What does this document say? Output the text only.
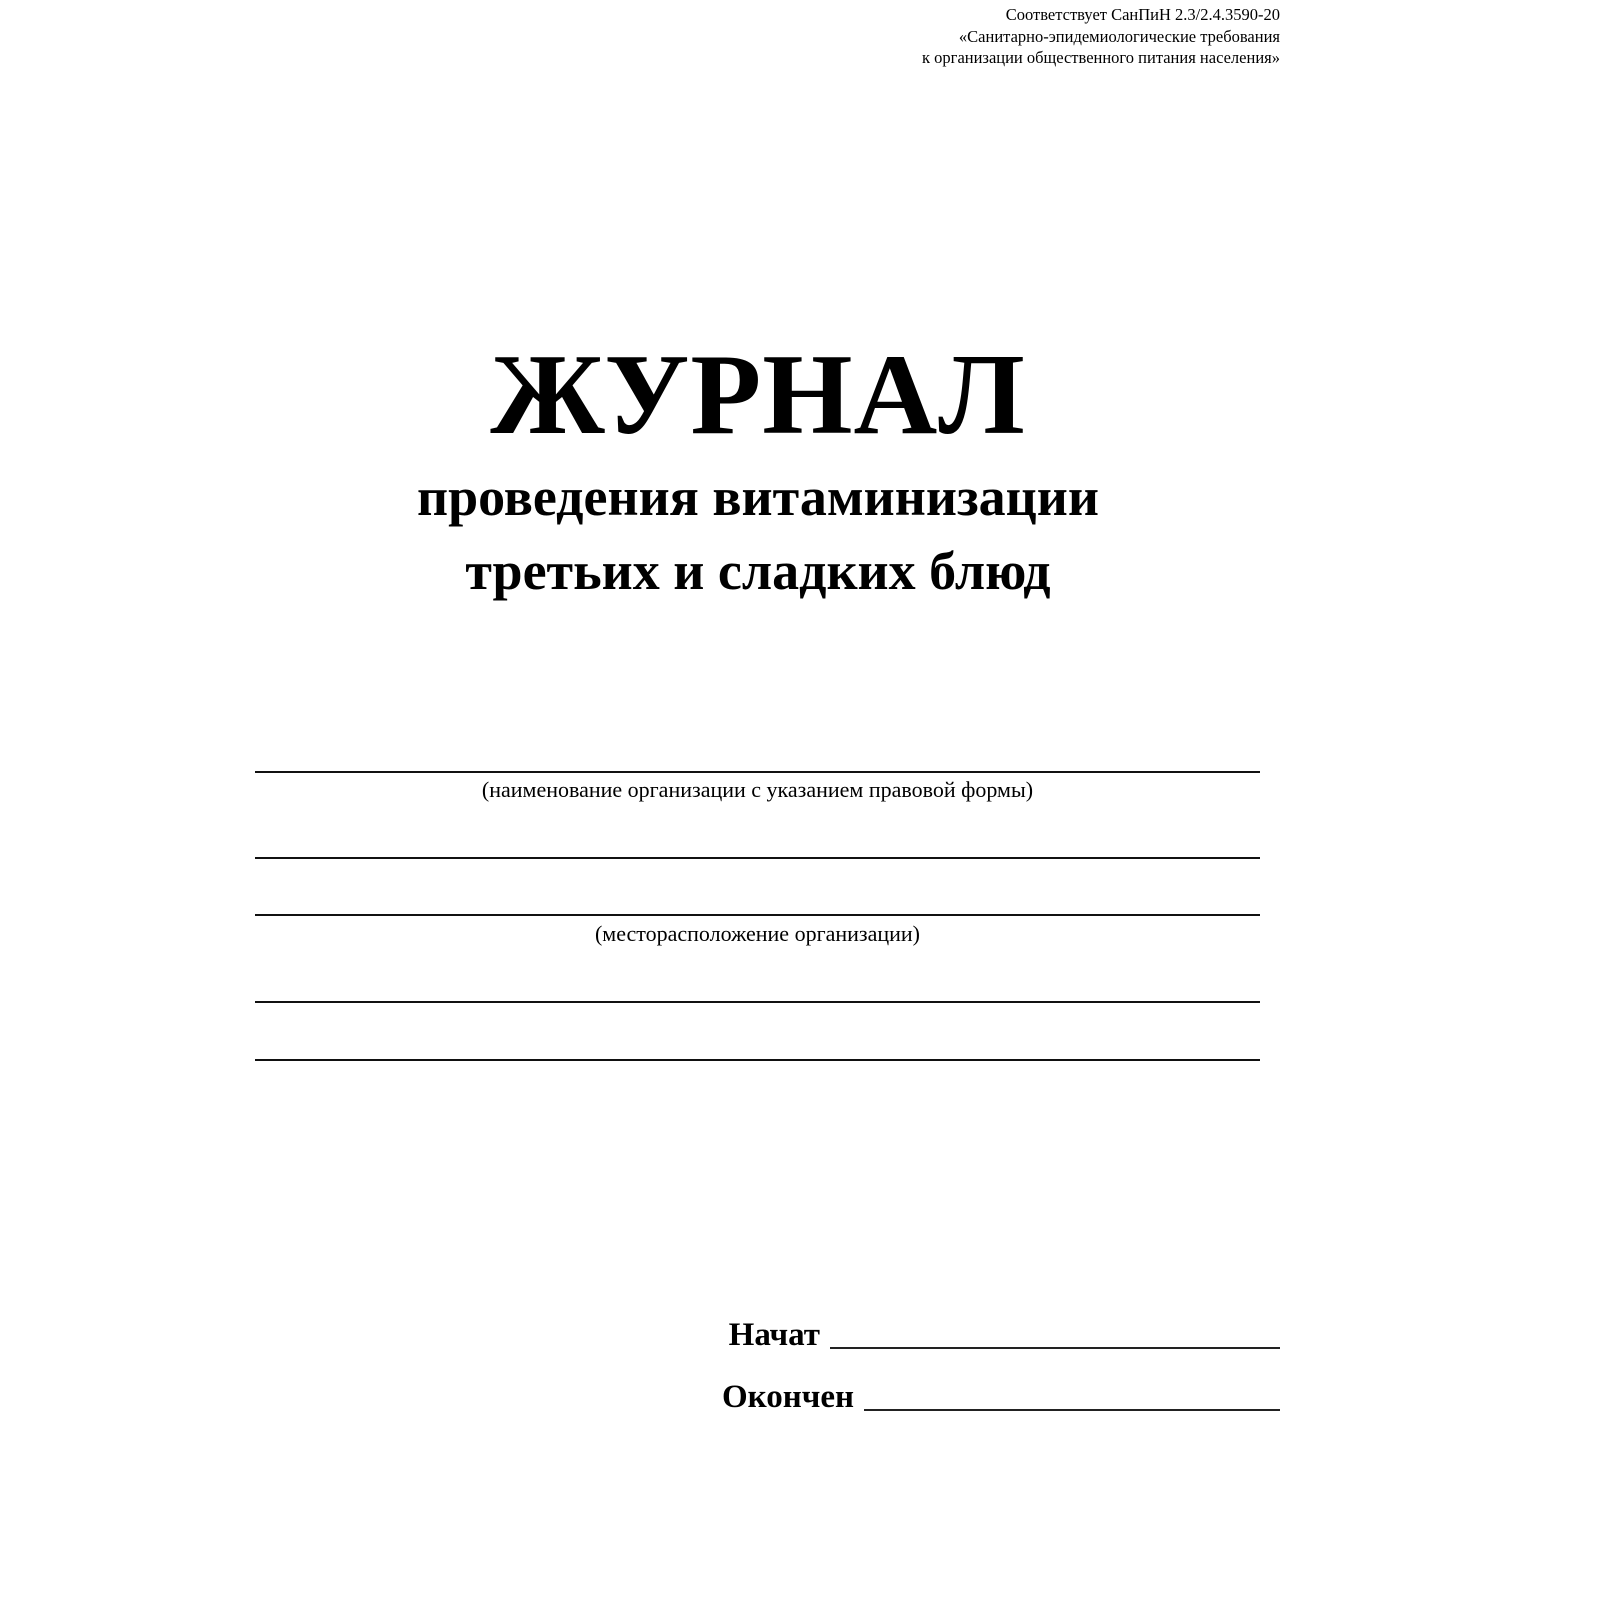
Соответствует СанПиН 2.3/2.4.3590-20
«Санитарно-эпидемиологические требования
к организации общественного питания населения»
ЖУРНАЛ
проведения витаминизации
третьих и сладких блюд
(наименование организации с указанием правовой формы)
(месторасположение организации)
Начат
Окончен
